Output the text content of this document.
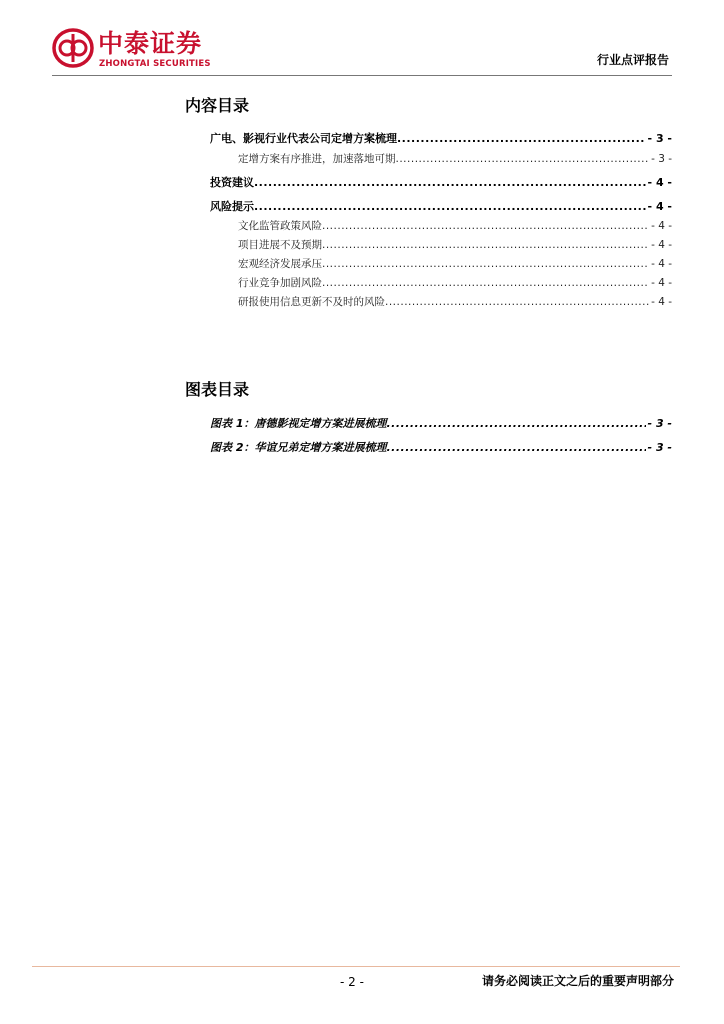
中泰证券
ZHONGTAI SECURITIES	行业点评报告
内容目录
广电、影视行业代表公司定增方案梳理 .....	- 3 -
定增方案有序推进，加速落地可期 .....	- 3 -
投资建议 .....	- 4 -
风险提示 .....	- 4 -
文化监管政策风险 .....	- 4 -
项目进展不及预期 .....	- 4 -
宏观经济发展承压 .....	- 4 -
行业竞争加剧风险 .....	- 4 -
研报使用信息更新不及时的风险 .....	- 4 -
图表目录
图表 1：唐德影视定增方案进展梳理 .....	- 3 -
图表 2：华谊兄弟定增方案进展梳理 .....	- 3 -
- 2 -	请务必阅读正文之后的重要声明部分
